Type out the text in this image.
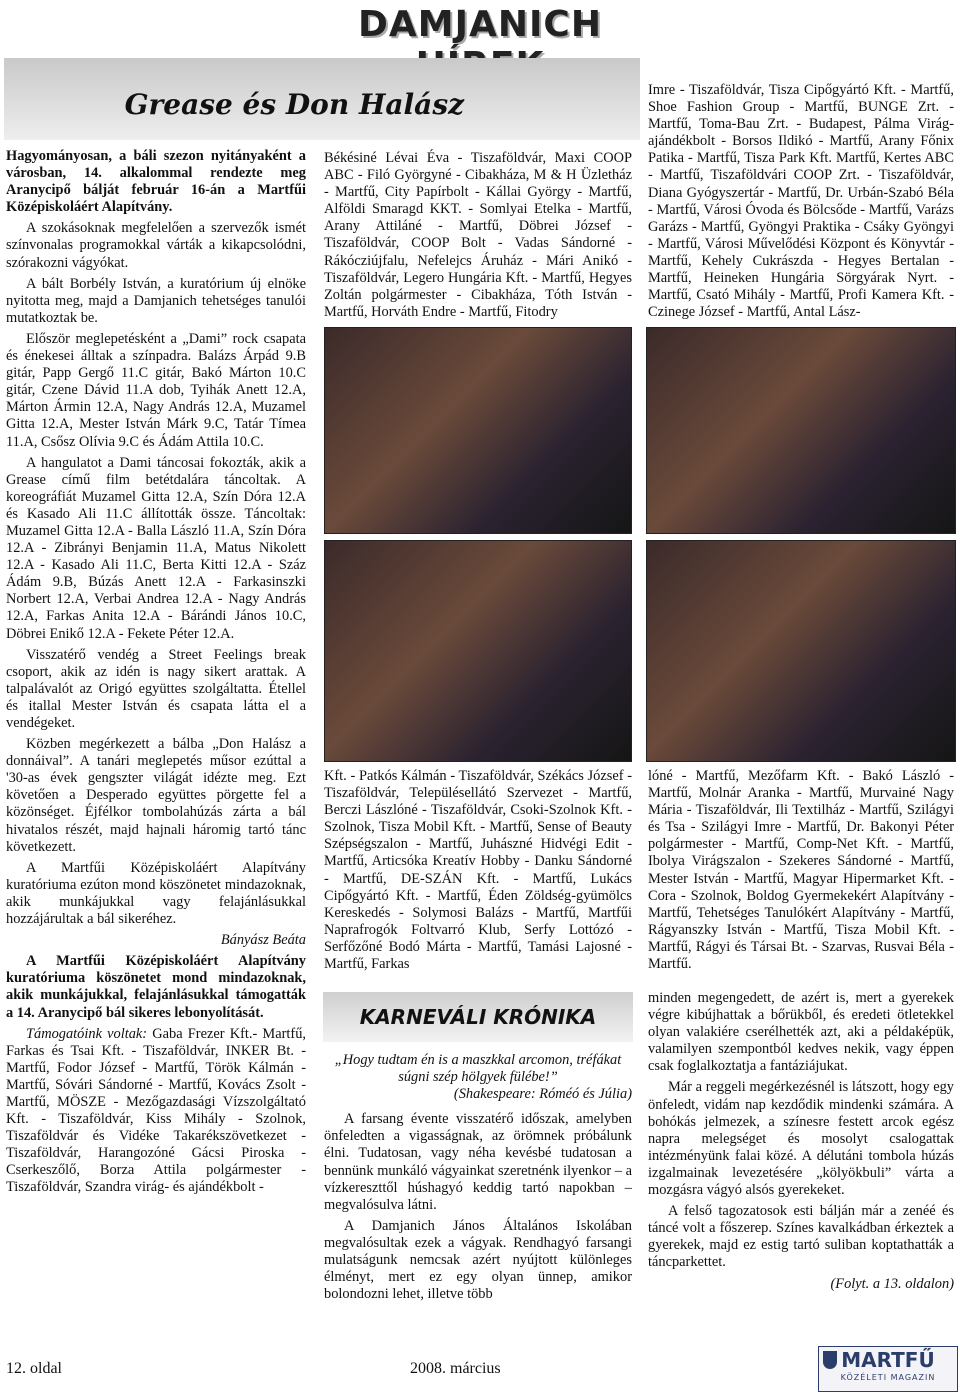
DAMJANICH
Grease és Don Halász

Hagyományosan, a báli szezon nyitányaként a városban, 14. alkalommal rendezte meg Aranycipő bálját február 16-án a Martfűi Középiskoláért Alapítvány.

A szokásoknak megfelelően a szervezők ismét színvonalas programokkal várták a kikapcsolódni, szórakozni vágyókat.

A bált Borbély István, a kuratórium új elnöke nyitotta meg, majd a Damjanich tehetséges tanulói mutatkoztak be.

Először meglepetésként a „Dami” rock csapata és énekesei álltak a színpadra. Balázs Árpád 9.B gitár, Papp Gergő 11.C gitár, Bakó Márton 10.C gitár, Czene Dávid 11.A dob, Tyihák Anett 12.A, Márton Ármin 12.A, Nagy András 12.A, Muzamel Gitta 12.A, Mester István Márk 9.C, Tatár Tímea 11.A, Csősz Olívia 9.C és Ádám Attila 10.C.

A hangulatot a Dami táncosai fokozták, akik a Grease című film betétdalára táncoltak. A koreográfiát Muzamel Gitta 12.A, Szín Dóra 12.A és Kasado Ali 11.C állították össze. Táncoltak: Muzamel Gitta 12.A - Balla László 11.A, Szín Dóra 12.A - Zibrányi Benjamin 11.A, Matus Nikolett 12.A - Kasado Ali 11.C, Berta Kitti 12.A - Száz Ádám 9.B, Búzás Anett 12.A - Farkasinszki Norbert 12.A, Verbai Andrea 12.A - Nagy András 12.A, Farkas Anita 12.A - Bárándi János 10.C, Döbrei Enikő 12.A - Fekete Péter 12.A.

Visszatérő vendég a Street Feelings break csoport, akik az idén is nagy sikert arattak. A talpalávalót az Origó együttes szolgáltatta. Étellel és itallal Mester István és csapata látta el a vendégeket.

Közben megérkezett a bálba „Don Halász a donnáival”. A tanári meglepetés műsor ezúttal a '30-as évek gengszter világát idézte meg. Ezt követően a Desperado együttes pörgette fel a közönséget. Éjfélkor tombolahúzás zárta a bál hivatalos részét, majd hajnali háromig tartó tánc következett.

A Martfűi Középiskoláért Alapítvány kuratóriuma ezúton mond köszönetet mindazoknak, akik munkájukkal vagy felajánlásukkal hozzájárultak a bál sikeréhez.

Bányász Beáta

A Martfűi Középiskoláért Alapítvány kuratóriuma köszönetet mond mindazoknak, akik munkájukkal, felajánlásukkal támogatták a 14. Aranycipő bál sikeres lebonyolítását.

Támogatóink voltak: Gaba Frezer Kft.- Martfű, Farkas és Tsai Kft. - Tiszaföldvár, INKER Bt. - Martfű, Fodor József - Martfű, Török Kálmán - Martfű, Sóvári Sándorné - Martfű, Kovács Zsolt - Martfű, MÖSZE - Mezőgazdasági Vízszolgáltató Kft. - Tiszaföldvár, Kiss Mihály - Szolnok, Tiszaföldvár és Vidéke Takarékszövetkezet - Tiszaföldvár, Harangozóné Gácsi Piroska - Cserkeszőlő, Borza Attila polgármester - Tiszaföldvár, Szandra virág- és ajándékbolt -

Békésiné Lévai Éva - Tiszaföldvár, Maxi COOP ABC - Filó Györgyné - Cibakháza, M & H Üzletház - Martfű, City Papírbolt - Kállai György - Martfű, Alföldi Smaragd KKT. - Somlyai Etelka - Martfű, Arany Attiláné - Martfű, Döbrei József - Tiszaföldvár, COOP Bolt - Vadas Sándorné - Rákócziújfalu, Nefelejcs Áruház - Mári Anikó - Tiszaföldvár, Legero Hungária Kft. - Martfű, Hegyes Zoltán polgármester - Cibakháza, Tóth István - Martfű, Horváth Endre - Martfű, Fitodry

Imre - Tiszaföldvár, Tisza Cipőgyártó Kft. - Martfű, Shoe Fashion Group - Martfű, BUNGE Zrt. - Martfű, Toma-Bau Zrt. - Budapest, Pálma Virág- ajándékbolt - Borsos Ildikó - Martfű, Arany Főnix Patika - Martfű, Tisza Park Kft. Martfű, Kertes ABC - Martfű, Tiszaföldvári COOP Zrt. - Tiszaföldvár, Diana Gyógyszertár - Martfű, Dr. Urbán-Szabó Béla - Martfű, Városi Óvoda és Bölcsőde - Martfű, Varázs Garázs - Martfű, Gyöngyi Praktika - Csáky Gyöngyi - Martfű, Városi Művelődési Központ és Könyvtár - Martfű, Kehely Cukrászda - Hegyes Bertalan -Martfű, Heineken Hungária Sörgyárak Nyrt. - Martfű, Csató Mihály - Martfű, Profi Kamera Kft. - Czinege József - Martfű, Antal Lász-

Kft. - Patkós Kálmán - Tiszaföldvár, Székács József - Tiszaföldvár, Településellátó Szervezet - Martfű, Berczi Lászlóné - Tiszaföldvár, Csoki-Szolnok Kft. - Szolnok, Tisza Mobil Kft. - Martfű, Sense of Beauty Szépségszalon - Martfű, Juhászné Hidvégi Edit - Martfű, Articsóka Kreatív Hobby - Danku Sándorné - Martfű, DE-SZÁN Kft. - Martfű, Lukács Cipőgyártó Kft. - Martfű, Éden Zöldség-gyümölcs Kereskedés - Solymosi Balázs - Martfű, Martfűi Naprafrogók Foltvarró Klub, Serfy Lottózó - Serfőzőné Bodó Márta - Martfű, Tamási Lajosné - Martfű, Farkas

lóné - Martfű, Mezőfarm Kft. - Bakó László - Martfű, Molnár Aranka - Martfű, Murvainé Nagy Mária - Tiszaföldvár, Ili Textilház - Martfű, Szilágyi és Tsa - Szilágyi Imre - Martfű, Dr. Bakonyi Péter polgármester - Martfű, Comp-Net Kft. - Martfű, Ibolya Virágszalon - Szekeres Sándorné - Martfű, Mester István - Martfű, Magyar Hipermarket Kft. - Cora - Szolnok, Boldog Gyermekekért Alapítvány - Martfű, Tehetséges Tanulókért Alapítvány - Martfű, Rágyanszky István - Martfű, Tisza Mobil Kft. - Martfű, Rágyi és Társai Bt. - Szarvas, Rusvai Béla - Martfű.

KARNEVÁLI KRÓNIKA

„Hogy tudtam én is a maszkkal arcomon, tréfákat súgni szép hölgyek fülébe!”

(Shakespeare: Róméó és Júlia)

A farsang évente visszatérő időszak, amelyben önfeledten a vigasságnak, az örömnek próbálunk élni. Tudatosan, vagy néha kevésbé tudatosan a bennünk munkáló vágyainkat szeretnénk ilyenkor – a vízkereszttől húshagyó keddig tartó napokban – megvalósulva látni.

A Damjanich János Általános Iskolában megvalósultak ezek a vágyak. Rendhagyó farsangi mulatságunk nemcsak azért nyújtott különleges élményt, mert ez egy olyan ünnep, amikor bolondozni lehet, illetve több

minden megengedett, de azért is, mert a gyerekek végre kibújhattak a bőrükből, és eredeti ötletekkel olyan valakiére cserélhették azt, aki a példaképük, valamilyen szempontból kedves nekik, vagy éppen csak foglalkoztatja a fantáziájukat.

Már a reggeli megérkezésnél is látszott, hogy egy önfeledt, vidám nap kezdődik mindenki számára. A bohókás jelmezek, a színesre festett arcok egész napra melegséget és mosolyt csalogattak intézményünk falai közé. A délutáni tombola húzás izgalmainak levezetésére „kölyökbuli” várta a mozgásra vágyó alsós gyerekeket.

A felső tagozatosok esti bálján már a zenéé és táncé volt a főszerep. Színes kavalkádban érkeztek a gyerekek, majd ez estig tartó suliban koptathatták a táncparkettet.

(Folyt. a 13. oldalon)

12. oldal	2008. március	MARTFŰ
KÖZÉLETI MAGAZIN
